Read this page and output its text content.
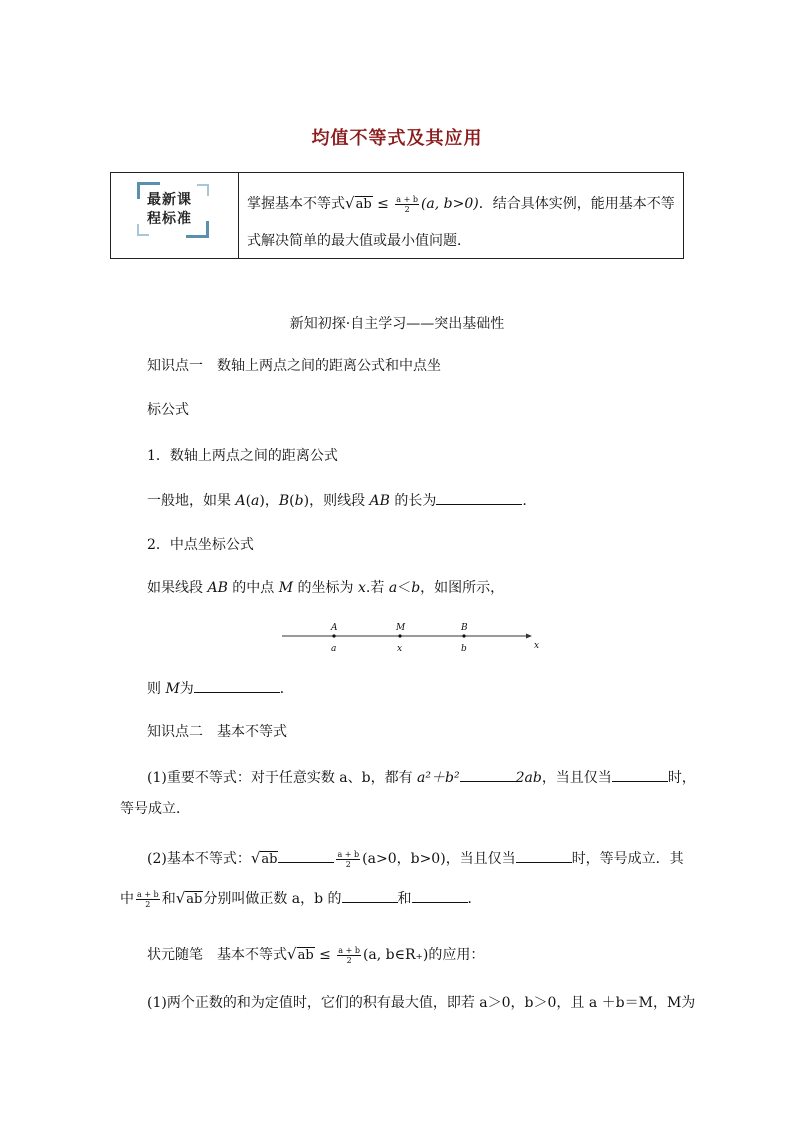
均值不等式及其应用
最新课
程标准
掌握基本不等式$√ab \le \frac{a + b}{2} (a$, b>0)．结合具体实例，能用基本不等
式解决简单的最大值或最小值问题．
新知初探·自主学习——突出基础性
知识点一　数轴上两点之间的距离公式和中点坐
标公式
1．数轴上两点之间的距离公式
一般地，如果 A(a)，B(b)，则线段 AB 的长为	.
2．中点坐标公式
如果线段 AB 的中点 M 的坐标为 x.若 a＜b，如图所示，
A	M	B
a	x	b	x
则 M为	．
知识点二　基本不等式
(1)重要不等式：对于任意实数 a、b，都有 a²＋b²	2ab，当且仅当	时，
等号成立．
(2)基本不等式：√ab	$\frac{a + b}{2} (a>0$，b>0)，当且仅当	时，等号成立．其
中 $\frac{a + b}{2}$ 和√ab分别叫做正数 a，b 的	和	．
状元随笔　 基本不等式$√ab \le \frac{a + b}{2} (a$, b∈R₊)的应用：
(1)两个正数的和为定值时，它们的积有最大值，即若 a＞0，b＞0，且 a ＋b＝M，M为
